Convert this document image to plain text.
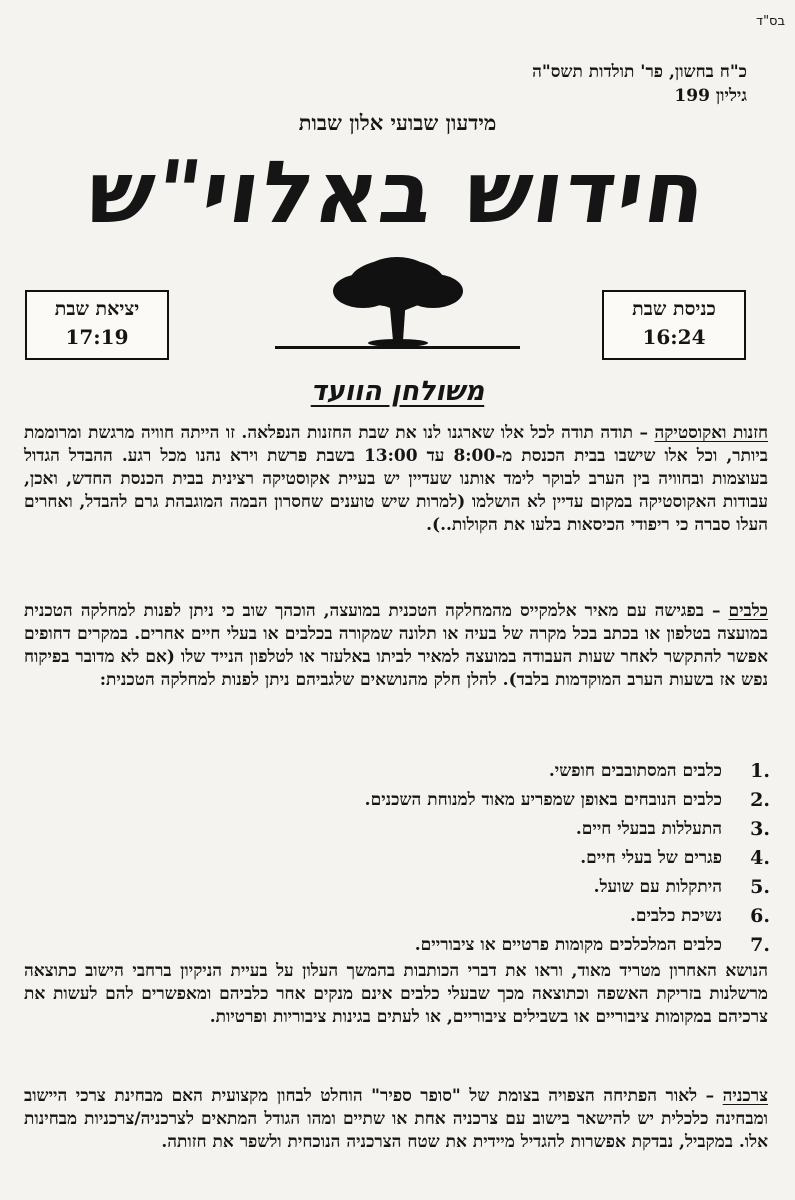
בס"ד
כ"ח בחשון, פר' תולדות תשס"ה
גיליון 199
מידעון שבועי אלון שבות
חידוש באלוי"ש
כניסת שבת
16:24
יציאת שבת
17:19
משולחן הוועד
חזנות ואקוסטיקה – תודה תודה לכל אלו שארגנו לנו את שבת החזנות הנפלאה. זו הייתה חוויה מרגשת ומרוממת ביותר, וכל אלו שישבו בבית הכנסת מ-8:00 עד 13:00 בשבת פרשת וירא נהנו מכל רגע. ההבדל הגדול בעוצמות ובחוויה בין הערב לבוקר לימד אותנו שעדיין יש בעיית אקוסטיקה רצינית בבית הכנסת החדש, ואכן, עבודות האקוסטיקה במקום עדיין לא הושלמו (למרות שיש טוענים שחסרון הבמה המוגבהת גרם להבדל, ואחרים העלו סברה כי ריפודי הכיסאות בלעו את הקולות..).
כלבים – בפגישה עם מאיר אלמקייס מהמחלקה הטכנית במועצה, הוכהך שוב כי ניתן לפנות למחלקה הטכנית במועצה בטלפון או בכתב בכל מקרה של בעיה או תלונה שמקורה בכלבים או בעלי חיים אחרים. במקרים דחופים אפשר להתקשר לאחר שעות העבודה במועצה למאיר לביתו באלעזר או לטלפון הנייד שלו (אם לא מדובר בפיקוח נפש אז בשעות הערב המוקדמות בלבד). להלן חלק מהנושאים שלגביהם ניתן לפנות למחלקה הטכנית:
1.
כלבים המסתובבים חופשי.
2.
כלבים הנובחים באופן שמפריע מאוד למנוחת השכנים.
3.
התעללות בבעלי חיים.
4.
פגרים של בעלי חיים.
5.
היתקלות עם שועל.
6.
נשיכת כלבים.
7.
כלבים המלכלכים מקומות פרטיים או ציבוריים.
הנושא האחרון מטריד מאוד, וראו את דברי הכותבות בהמשך העלון על בעיית הניקיון ברחבי הישוב כתוצאה מרשלנות בזריקת האשפה וכתוצאה מכך שבעלי כלבים אינם מנקים אחר כלביהם ומאפשרים להם לעשות את צרכיהם במקומות ציבוריים או בשבילים ציבוריים, או לעתים בגינות ציבוריות ופרטיות.
צרכניה – לאור הפתיחה הצפויה בצומת של "סופר ספיר" הוחלט לבחון מקצועית האם מבחינת צרכי היישוב ומבחינה כלכלית יש להישאר בישוב עם צרכניה אחת או שתיים ומהו הגודל המתאים לצרכניה/צרכניות מבחינות אלו. במקביל, נבדקת אפשרות להגדיל מיידית את שטח הצרכניה הנוכחית ולשפר את חזותה.
